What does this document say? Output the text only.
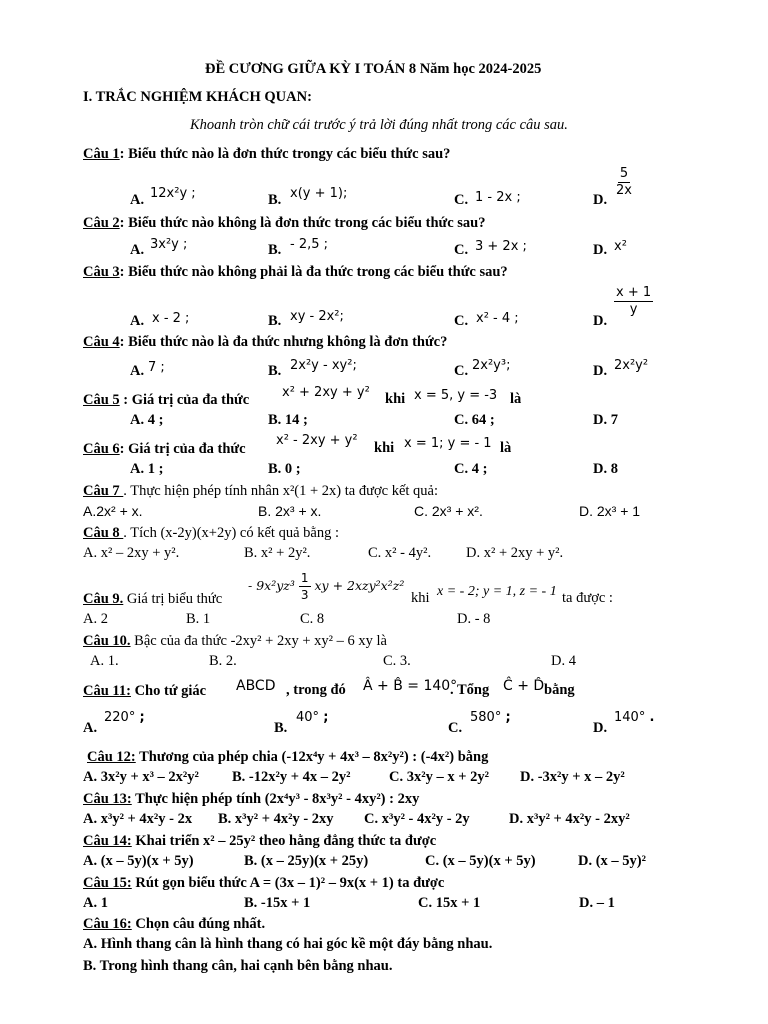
ĐỀ CƯƠNG GIỮA KỲ I TOÁN 8 Năm học 2024-2025
I. TRẮC NGHIỆM KHÁCH QUAN:
Khoanh tròn chữ cái trước ý trả lời đúng nhất trong các câu sau.
Câu 1: Biểu thức nào là đơn thức trongy các biểu thức sau?
A. 12x²y ;	B. x(y + 1);	C. 1 - 2x ;	D.
$\frac{5}{2x}$
Câu 2: Biểu thức nào không là đơn thức trong các biểu thức sau?
A. 3x²y ;	B. - 2,5 ;	C. 3 + 2x ;	D. x²
Câu 3: Biểu thức nào không phải là đa thức trong các biểu thức sau?
A. x - 2 ;	B. xy - 2x²;	C. x² - 4 ;	D.
$\frac{x + 1}{y}$
Câu 4: Biểu thức nào là đa thức nhưng không là đơn thức?
A. 7 ;	B. 2x²y - xy²;	C. 2x²y³;	D. 2x²y²
Câu 5 : Giá trị của đa thức	x² + 2xy + y² khi x = 5, y = -3 là
A. 4 ;	B. 14 ;	C. 64 ;	D. 7
Câu 6: Giá trị của đa thức
x² - 2xy + y² khi x = 1; y = - 1 là
A. 1 ;	B. 0 ;	C. 4 ;	D. 8
Câu 7 . Thực hiện phép tính nhân x²(1 + 2x) ta được kết quả:
A.2x² + x.	B. 2x³ + x.	C. 2x³ + x².	D. 2x³ + 1
Câu 8 . Tích (x-2y)(x+2y) có kết quả bằng :
A. x² – 2xy + y².	B. x² + 2y².	C. x² - 4y². D. x² + 2xy + y².
Câu 9. Giá trị biểu thức
- $9x^2yz^3 \frac{1}{3}$ xy + 2xzy²x²z²
khi x = - 2; y = 1, z = - 1 ta được :
A. 2	B. 1	C. 8	D. - 8
Câu 10. Bậc của đa thức -2xy² + 2xy + xy² – 6 xy là
A. 1.	B. 2.	C. 3.	D. 4
Câu 11: Cho tứ giác	ABCD , trong đó Â + B̂ = 140°
. Tổng Ĉ + D̂ bằng
A.
220° ;
B.
40° ;
C.
580° ;
D.
140° .
Câu 12: Thương của phép chia (-12x⁴y + 4x³ – 8x²y²) : (-4x²) bằng
A. 3x²y + x³ – 2x²y² B. -12x²y + 4x – 2y²	C. 3x²y – x + 2y² D. -3x²y + x – 2y²
Câu 13: Thực hiện phép tính (2x⁴y³ - 8x³y² - 4xy²) : 2xy
A. x³y² + 4x²y - 2x B. x³y² + 4x²y - 2xy C. x³y² - 4x²y - 2y	D. x³y² + 4x²y - 2xy²
Câu 14: Khai triển x² – 25y² theo hằng đẳng thức ta được
A. (x – 5y)(x + 5y)	B. (x – 25y)(x + 25y)	C. (x – 5y)(x + 5y)	D. (x – 5y)²
Câu 15: Rút gọn biểu thức A = (3x – 1)² – 9x(x + 1) ta được
A. 1	B. -15x + 1	C. 15x + 1	D. – 1
Câu 16: Chọn câu đúng nhất.
A. Hình thang cân là hình thang có hai góc kề một đáy bằng nhau.
B. Trong hình thang cân, hai cạnh bên bằng nhau.
